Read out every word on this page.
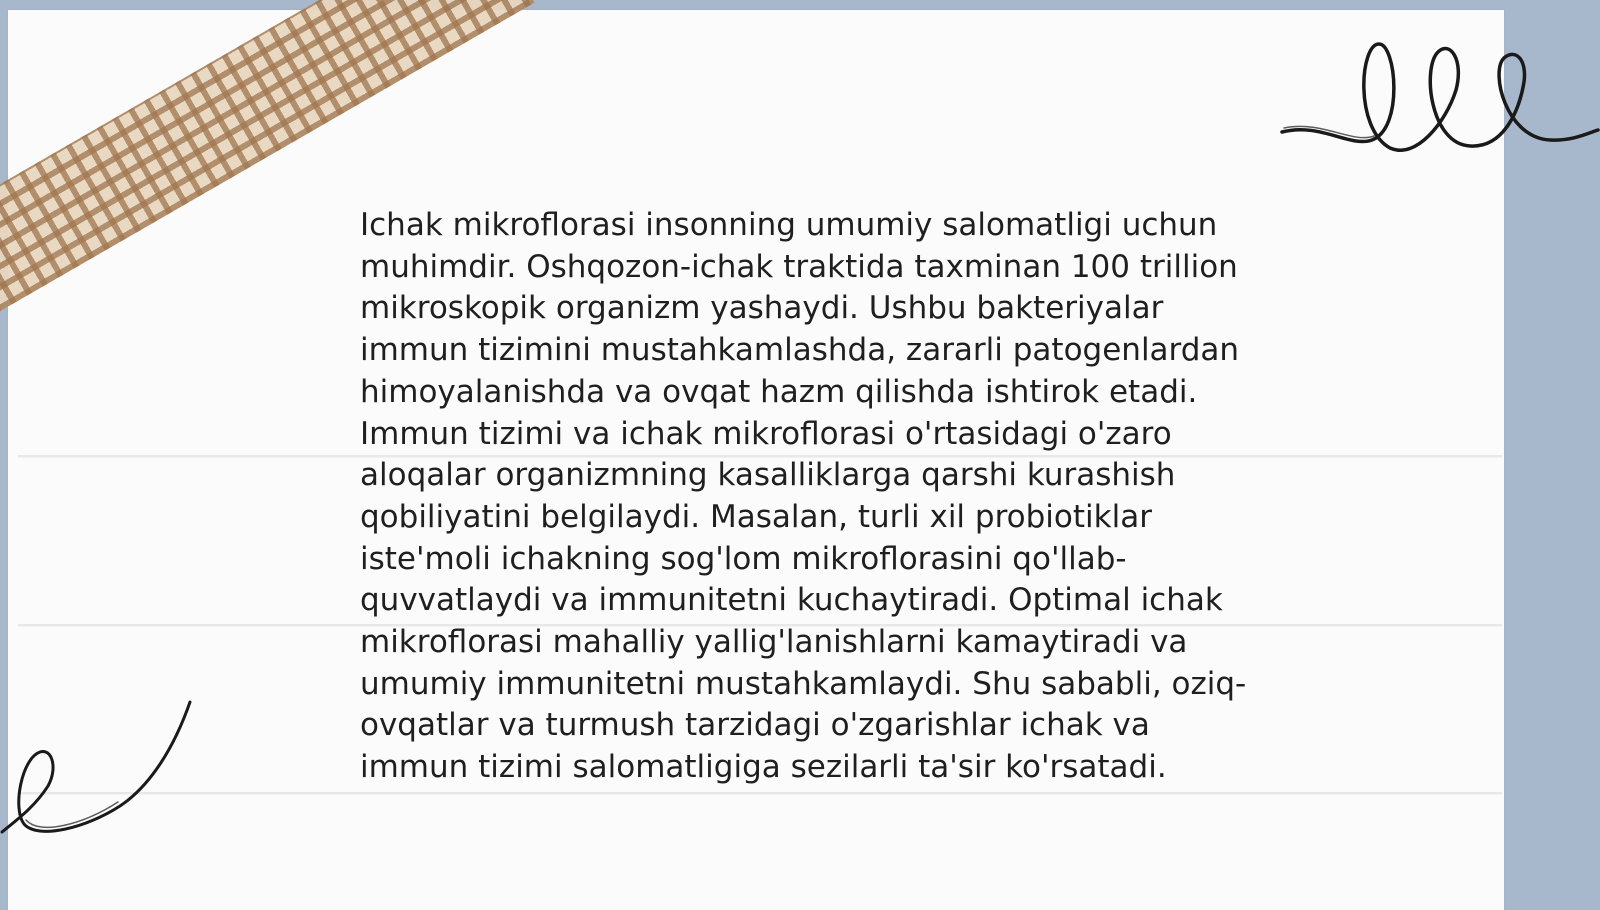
Ichak mikroflorasi insonning umumiy salomatligi uchun muhimdir. Oshqozon-ichak traktida taxminan 100 trillion mikroskopik organizm yashaydi. Ushbu bakteriyalar immun tizimini mustahkamlashda, zararli patogenlardan himoyalanishda va ovqat hazm qilishda ishtirok etadi. Immun tizimi va ichak mikroflorasi o'rtasidagi o'zaro aloqalar organizmning kasalliklarga qarshi kurashish qobiliyatini belgilaydi. Masalan, turli xil probiotiklar iste'moli ichakning sog'lom mikroflorasini qo'llab-quvvatlaydi va immunitetni kuchaytiradi. Optimal ichak mikroflorasi mahalliy yallig'lanishlarni kamaytiradi va umumiy immunitetni mustahkamlaydi. Shu sababli, oziq-ovqatlar va turmush tarzidagi o'zgarishlar ichak va immun tizimi salomatligiga sezilarli ta'sir ko'rsatadi.
